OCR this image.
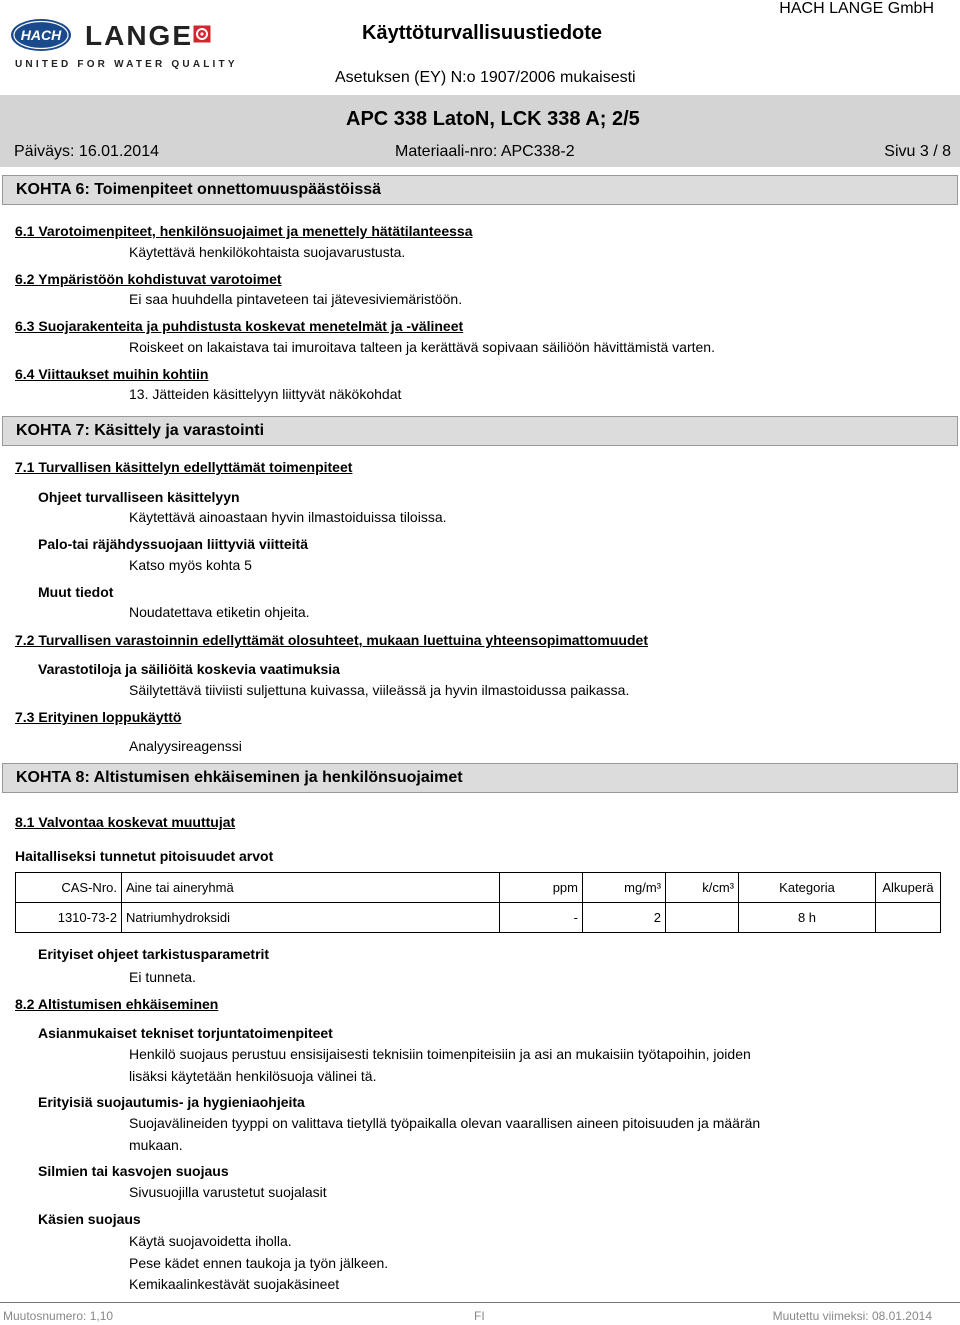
HACH LANGE
UNITED FOR WATER QUALITY
Käyttöturvallisuustiedote
HACH LANGE GmbH
Asetuksen (EY) N:o 1907/2006 mukaisesti
APC 338 LatoN, LCK 338 A; 2/5
Päiväys: 16.01.2014	Materiaali-nro: APC338-2	Sivu 3 / 8
KOHTA 6: Toimenpiteet onnettomuuspäästöissä
6.1 Varotoimenpiteet, henkilönsuojaimet ja menettely hätätilanteessa
Käytettävä henkilökohtaista suojavarustusta.
6.2 Ympäristöön kohdistuvat varotoimet
Ei saa huuhdella pintaveteen tai jätevesiviemäristöön.
6.3 Suojarakenteita ja puhdistusta koskevat menetelmät ja -välineet
Roiskeet on lakaistava tai imuroitava talteen ja kerättävä sopivaan säiliöön hävittämistä varten.
6.4 Viittaukset muihin kohtiin
13. Jätteiden käsittelyyn liittyvät näkökohdat
KOHTA 7: Käsittely ja varastointi
7.1 Turvallisen käsittelyn edellyttämät toimenpiteet
Ohjeet turvalliseen käsittelyyn
Käytettävä ainoastaan hyvin ilmastoiduissa tiloissa.
Palo-tai räjähdyssuojaan liittyviä viitteitä
Katso myös kohta 5
Muut tiedot
Noudatettava etiketin ohjeita.
7.2 Turvallisen varastoinnin edellyttämät olosuhteet, mukaan luettuina yhteensopimattomuudet
Varastotiloja ja säiliöitä koskevia vaatimuksia
Säilytettävä tiiviisti suljettuna kuivassa, viileässä ja hyvin ilmastoidussa paikassa.
7.3 Erityinen loppukäyttö
Analyysireagenssi
KOHTA 8: Altistumisen ehkäiseminen ja henkilönsuojaimet
8.1 Valvontaa koskevat muuttujat
Haitalliseksi tunnetut pitoisuudet arvot
CAS-Nro.	Aine tai aineryhmä	ppm	mg/m³	k/cm³	Kategoria	Alkuperä
1310-73-2	Natriumhydroksidi	-	2		8 h	
Erityiset ohjeet tarkistusparametrit
Ei tunneta.
8.2 Altistumisen ehkäiseminen
Asianmukaiset tekniset torjuntatoimenpiteet
Henkilö suojaus perustuu ensisijaisesti teknisiin toimenpiteisiin ja asi an mukaisiin työtapoihin, joiden
lisäksi käytetään henkilösuoja välinei tä.
Erityisiä suojautumis- ja hygieniaohjeita
Suojavälineiden tyyppi on valittava tietyllä työpaikalla olevan vaarallisen aineen pitoisuuden ja määrän
mukaan.
Silmien tai kasvojen suojaus
Sivusuojilla varustetut suojalasit
Käsien suojaus
Käytä suojavoidetta iholla.
Pese kädet ennen taukoja ja työn jälkeen.
Kemikaalinkestävät suojakäsineet
Muutosnumero: 1,10	FI	Muutettu viimeksi: 08.01.2014
